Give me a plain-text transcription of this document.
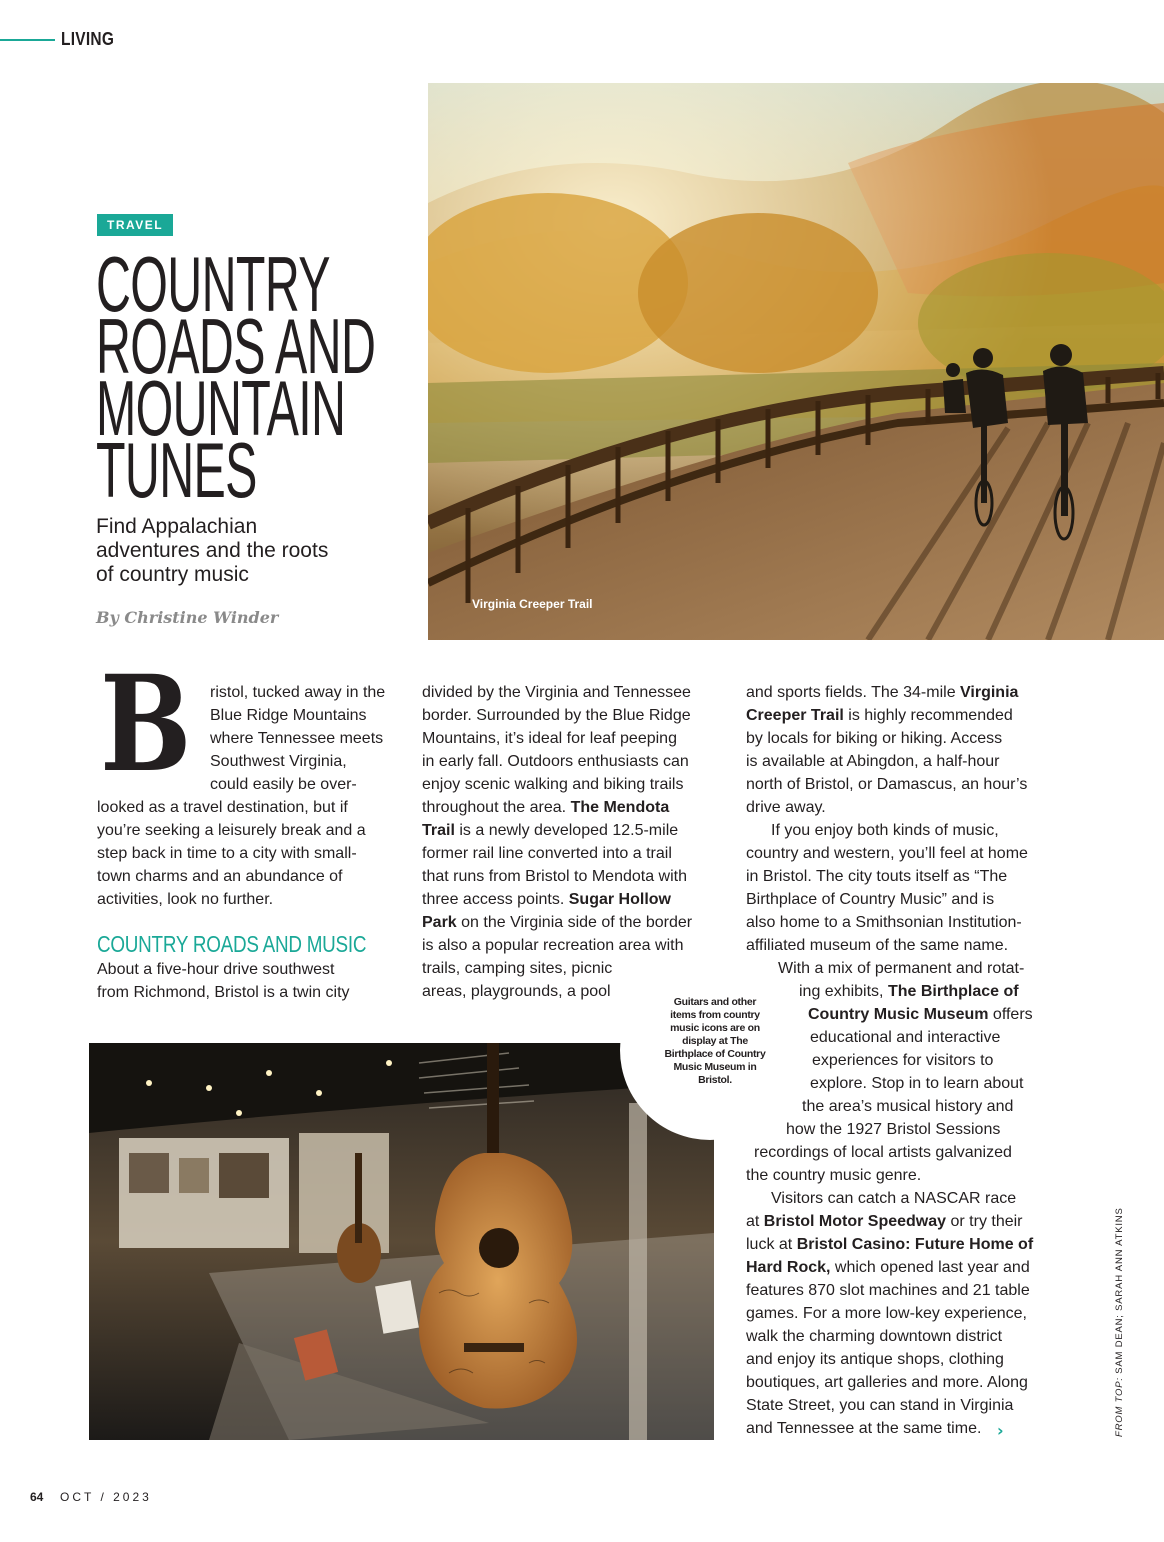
LIVING
Virginia Creeper Trail
TRAVEL
COUNTRY
ROADS AND
MOUNTAIN
TUNES

Find Appalachian
adventures and the roots
of country music

By Christine Winder
B ristol, tucked away in the
Blue Ridge Mountains
where Tennessee meets
Southwest Virginia,
could easily be over-
looked as a travel destination, but if
you’re seeking a leisurely break and a
step back in time to a city with small-
town charms and an abundance of
activities, look no further.
COUNTRY ROADS AND MUSIC
About a five-hour drive southwest
from Richmond, Bristol is a twin city
divided by the Virginia and Tennessee
border. Surrounded by the Blue Ridge
Mountains, it’s ideal for leaf peeping
in early fall. Outdoors enthusiasts can
enjoy scenic walking and biking trails
throughout the area. The Mendota
Trail is a newly developed 12.5-mile
former rail line converted into a trail
that runs from Bristol to Mendota with
three access points. Sugar Hollow
Park on the Virginia side of the border
is also a popular recreation area with
trails, camping sites, picnic
areas, playgrounds, a pool
and sports fields. The 34-mile Virginia
Creeper Trail is highly recommended
by locals for biking or hiking. Access
is available at Abingdon, a half-hour
north of Bristol, or Damascus, an hour’s
drive away.
If you enjoy both kinds of music,
country and western, you’ll feel at home
in Bristol. The city touts itself as “The
Birthplace of Country Music” and is
also home to a Smithsonian Institution-
affiliated museum of the same name.
With a mix of permanent and rotat-
ing exhibits, The Birthplace of
Country Music Museum offers
educational and interactive
experiences for visitors to
explore. Stop in to learn about
the area’s musical history and
how the 1927 Bristol Sessions
recordings of local artists galvanized
the country music genre.
Visitors can catch a NASCAR race
at Bristol Motor Speedway or try their
luck at Bristol Casino: Future Home of
Hard Rock, which opened last year and
features 870 slot machines and 21 table
games. For a more low-key experience,
walk the charming downtown district
and enjoy its antique shops, clothing
boutiques, art galleries and more. Along
State Street, you can stand in Virginia
and Tennessee at the same time. ›
Guitars and other
items from country
music icons are on
display at The
Birthplace of Country
Music Museum in
Bristol.
FROM TOP: SAM DEAN; SARAH ANN ATKINS
64 OCT / 2023
